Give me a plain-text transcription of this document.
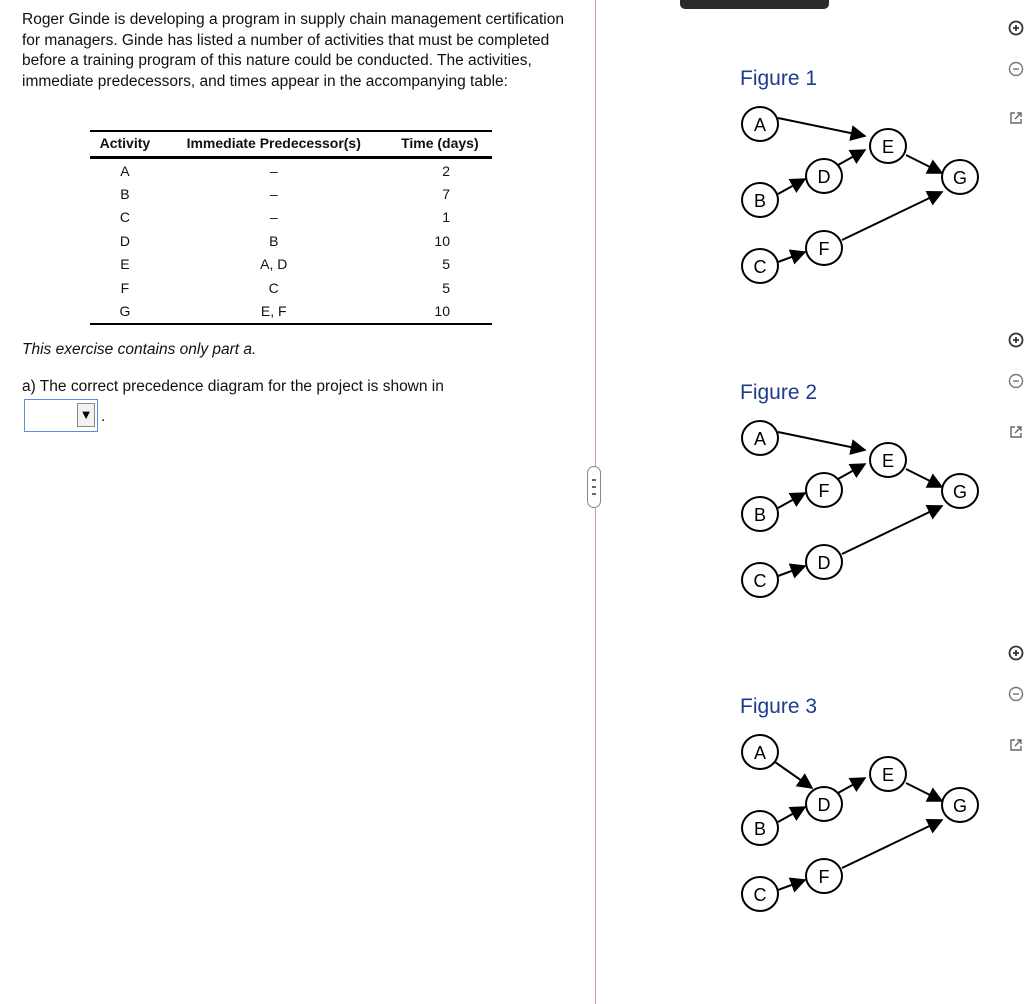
Roger Ginde is developing a program in supply chain management certification for managers. Ginde has listed a number of activities that must be completed before a training program of this nature could be conducted. The activities, immediate predecessors, and times appear in the accompanying table:

Activity	Immediate Predecessor(s)	Time (days)
A	–	2
B	–	7
C	–	1
D	B	10
E	A, D	5
F	C	5
G	E, F	10

This exercise contains only part a.

a) The correct precedence diagram for the project is shown in

▼ .
Figure 1
A
B
C
D
F
E
G
Figure 2
A
B
C
F
D
E
G
Figure 3
A
B
C
D
F
E
G
